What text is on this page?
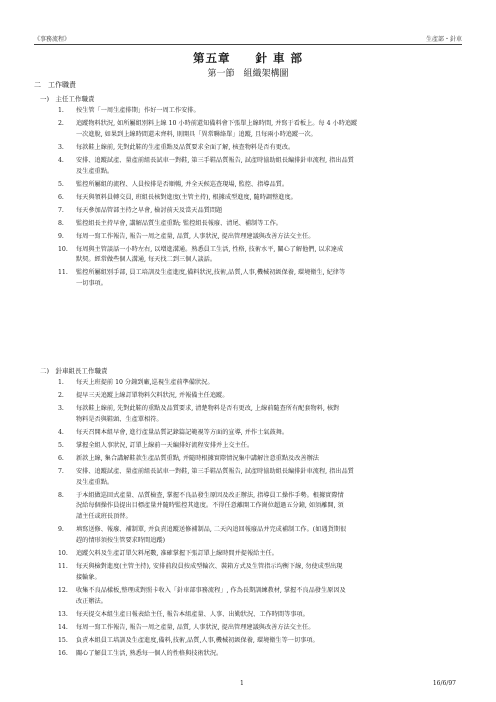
《事務流程》	生產部・針車
第五章　　針 車 部
第一節　組織架構圖
二　工作職責
一)　主任工作職責
1.	按生管「一周生產排期」作好一周工作安排。
2.	追蹤物料狀況, 如所屬組別料上線 10 小時前還知備料會下張單上線時間, 并寫于看板上。每 4 小時追蹤
一次進脫, 如果到上線時間還未齊料, 則開具「異常聯絡單」追蹤, 且每兩小時追蹤一次。
3.	每款鞋上線前, 先對此鞋的生產重點及品質要求全面了解, 核查物料是否有更改。
4.	安排、追蹤試產、量產前組長試車一對鞋, 第三手鞋品質報告, 試產時協助組長編排針車流程, 指出品質
及生產重點。
5.	監控所屬組的流程、人員按排是否順暢, 并全天候巡查現場, 監控、指導品質。
6.	每天與領料員轉交員, 班組長核對進度(主管主持), 根據成型進度, 隨時調整進度。
7.	每天參加品管部主持之早會, 檢討前天及當天品質問題
8.	監控組長主持早會, 講解品質生產重點; 監控組長報廢、清尾、補制等工作。
9.	每周一寫工作報告, 報告一周之產量, 品質, 人事狀況, 提出管理建議與改善方法交主任。
10.	每周與主管談話一小時左右, 以增進溝通。熟悉員工生活, 性格, 技術水平, 關心了解他們, 以求達成
默契。經常做些個人溝通, 每天找二到三個人談話。
11.	監控所屬組別手部, 員工培訓及生產進度,備料狀況,技術,品質,人事,機械初級保養, 環境衛生, 紀律等
一切事項。
二)　針車組長工作職責
1.	每天上班提前 10 分鐘到廠,巡視生產前準備狀況。
2.	提早三天追蹤上線訂單物料欠料狀況, 并報備主任追蹤。
3.	每款鞋上線前, 先對此鞋的重點及品質要求, 清楚物料是否有更改, 上線前隨查所有配套物料, 核對
物料是否與鞋頭、生產單相符。
4.	每天召開本組早會, 進行產量品質記錄篇記範視等方面的宣導, 并作士氣鼓舞。
5.	掌握全組人事狀況, 訂單上線前一天編排好流程安排并上交主任。
6.	新款上線, 集合講解鞋款生產品質重點, 并隨時根據實際情況集中講解注意重點及改善辦法
7.	安排、追蹤試產、量產前組長試車一對鞋, 第三手鞋品質報告, 試產時協助組長編排針車流程, 指出品質
及生產重點。
8.	于本組做巡回式產量、品質檢查, 掌握不良品發生原因及改正辦法, 指導員工操作手勢。根據實際情
況給每個操作員提出目標產量并隨時監控其進度。不得任意離開工作崗位超過五分鐘, 如須離開, 須
請主任或班長頂替。
9.	填寫送修、報廢、補制單, 并負責追蹤送修補制品, 二天內追回報廢品并完成補制工作。(如遇貨期很
趕的情形須按生管要求時間追蹤)
10.	追蹤欠料及生產訂單欠料尾數, 准確掌握下張訂單上線時間并提報給主任。
11.	每天與檢對進度(主管主持), 安排前段員按成型輪次、裝箱方式及生管指示均衡下線, 勿使成型出現
接輪象。
12.	收集不良品樣板,整理成對照卡收入「針車部事務流程」, 作為長期訓練教材, 掌握不良品發生原因及
改正辦法。
13.	每天提交本組生產日報表給主任, 報告本組產量、人事、出勤狀況、工作時間等事項。
14.	每周一寫工作報告, 報告一周之產量, 品質, 人事狀況, 提出管理建議與改善方法交主任。
15.	負責本組員工培訓及生產進度,備料,技術,品質,人事,機械初級保養, 環境衛生等一切事項。
16.	關心了解員工生活, 熟悉每一個人的性格與技術狀況。
1	16/6/97
